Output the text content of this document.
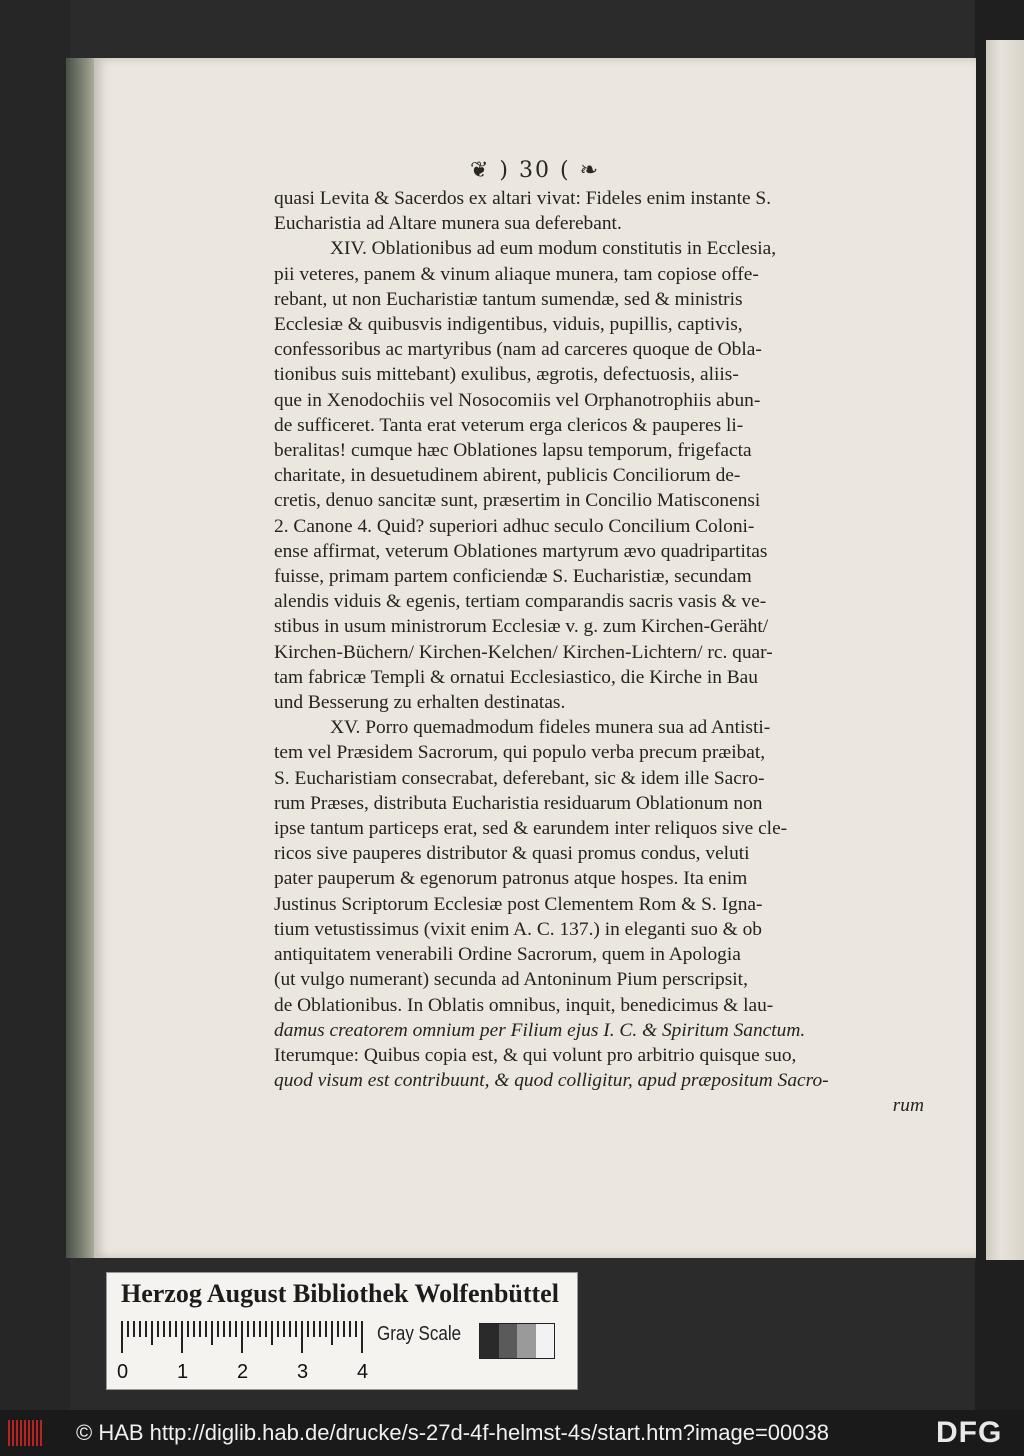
❦ ) 30 ( ❧
quasi Levita & Sacerdos ex altari vivat: Fideles enim instante S.
Eucharistia ad Altare munera sua deferebant.
XIV. Oblationibus ad eum modum constitutis in Ecclesia,
pii veteres, panem & vinum aliaque munera, tam copiose offe-
rebant, ut non Eucharistiæ tantum sumendæ, sed & ministris
Ecclesiæ & quibusvis indigentibus, viduis, pupillis, captivis,
confessoribus ac martyribus (nam ad carceres quoque de Obla-
tionibus suis mittebant) exulibus, ægrotis, defectuosis, aliis-
que in Xenodochiis vel Nosocomiis vel Orphanotrophiis abun-
de sufficeret. Tanta erat veterum erga clericos & pauperes li-
beralitas! cumque hæc Oblationes lapsu temporum, frigefacta
charitate, in desuetudinem abirent, publicis Conciliorum de-
cretis, denuo sancitæ sunt, præsertim in Concilio Matisconensi
2. Canone 4. Quid? superiori adhuc seculo Concilium Coloni-
ense affirmat, veterum Oblationes martyrum ævo quadripartitas
fuisse, primam partem conficiendæ S. Eucharistiæ, secundam
alendis viduis & egenis, tertiam comparandis sacris vasis & ve-
stibus in usum ministrorum Ecclesiæ v. g. zum Kirchen-Geräht/
Kirchen-Büchern/ Kirchen-Kelchen/ Kirchen-Lichtern/ rc. quar-
tam fabricæ Templi & ornatui Ecclesiastico, die Kirche in Bau
und Besserung zu erhalten destinatas.
XV. Porro quemadmodum fideles munera sua ad Antisti-
tem vel Præsidem Sacrorum, qui populo verba precum præibat,
S. Eucharistiam consecrabat, deferebant, sic & idem ille Sacro-
rum Præses, distributa Eucharistia residuarum Oblationum non
ipse tantum particeps erat, sed & earundem inter reliquos sive cle-
ricos sive pauperes distributor & quasi promus condus, veluti
pater pauperum & egenorum patronus atque hospes. Ita enim
Justinus Scriptorum Ecclesiæ post Clementem Rom & S. Igna-
tium vetustissimus (vixit enim A. C. 137.) in eleganti suo & ob
antiquitatem venerabili Ordine Sacrorum, quem in Apologia
(ut vulgo numerant) secunda ad Antoninum Pium perscripsit,
de Oblationibus. In Oblatis omnibus, inquit, benedicimus & lau-
damus creatorem omnium per Filium ejus I. C. & Spiritum Sanctum.
Iterumque: Quibus copia est, & qui volunt pro arbitrio quisque suo,
quod visum est contribuunt, & quod colligitur, apud præpositum Sacro-
rum
Herzog August Bibliothek Wolfenbüttel
0 1 2 3 4
Gray Scale
© HAB http://diglib.hab.de/drucke/s-27d-4f-helmst-4s/start.htm?image=00038	DFG
